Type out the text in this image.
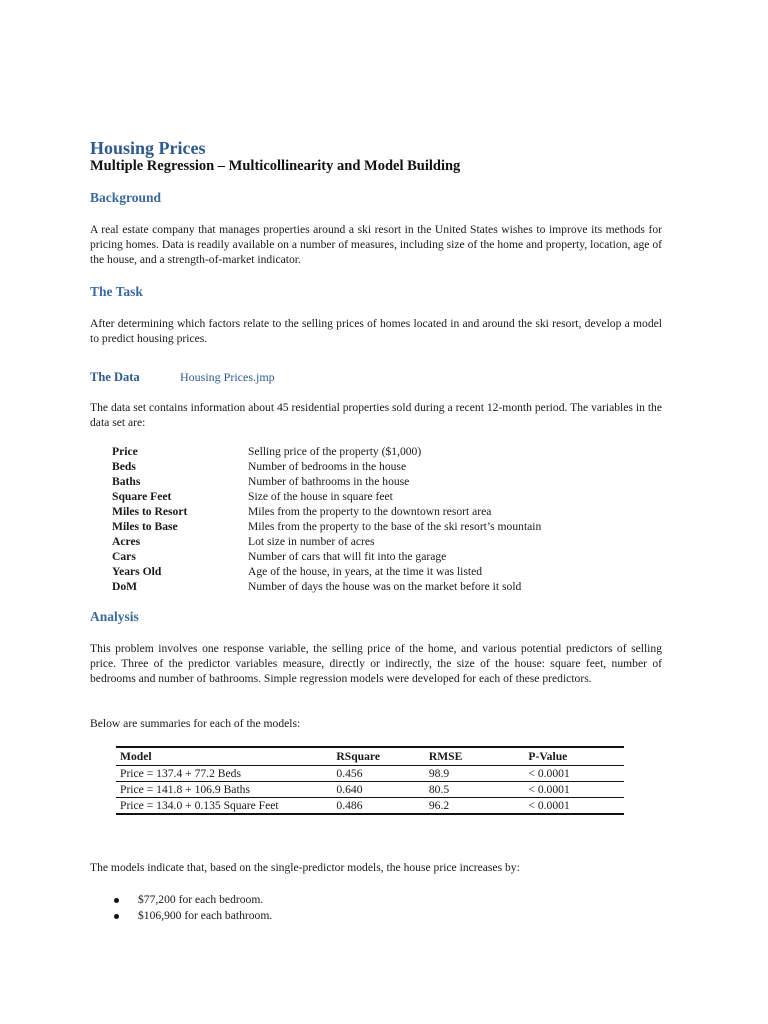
Housing Prices
Multiple Regression – Multicollinearity and Model Building
Background
A real estate company that manages properties around a ski resort in the United States wishes to improve its methods for pricing homes. Data is readily available on a number of measures, including size of the home and property, location, age of the house, and a strength-of-market indicator.
The Task
After determining which factors relate to the selling prices of homes located in and around the ski resort, develop a model to predict housing prices.
The Data	Housing Prices.jmp
The data set contains information about 45 residential properties sold during a recent 12-month period. The variables in the data set are:
Price	Selling price of the property ($1,000)
Beds	Number of bedrooms in the house
Baths	Number of bathrooms in the house
Square Feet	Size of the house in square feet
Miles to Resort	Miles from the property to the downtown resort area
Miles to Base	Miles from the property to the base of the ski resort’s mountain
Acres	Lot size in number of acres
Cars	Number of cars that will fit into the garage
Years Old	Age of the house, in years, at the time it was listed
DoM	Number of days the house was on the market before it sold
Analysis
This problem involves one response variable, the selling price of the home, and various potential predictors of selling price. Three of the predictor variables measure, directly or indirectly, the size of the house: square feet, number of bedrooms and number of bathrooms. Simple regression models were developed for each of these predictors.
Below are summaries for each of the models:
Model	RSquare	RMSE	P-Value
Price = 137.4 + 77.2 Beds	0.456	98.9	< 0.0001
Price = 141.8 + 106.9 Baths	0.640	80.5	< 0.0001
Price = 134.0 + 0.135 Square Feet	0.486	96.2	< 0.0001
The models indicate that, based on the single-predictor models, the house price increases by:
$77,200 for each bedroom.
$106,900 for each bathroom.
